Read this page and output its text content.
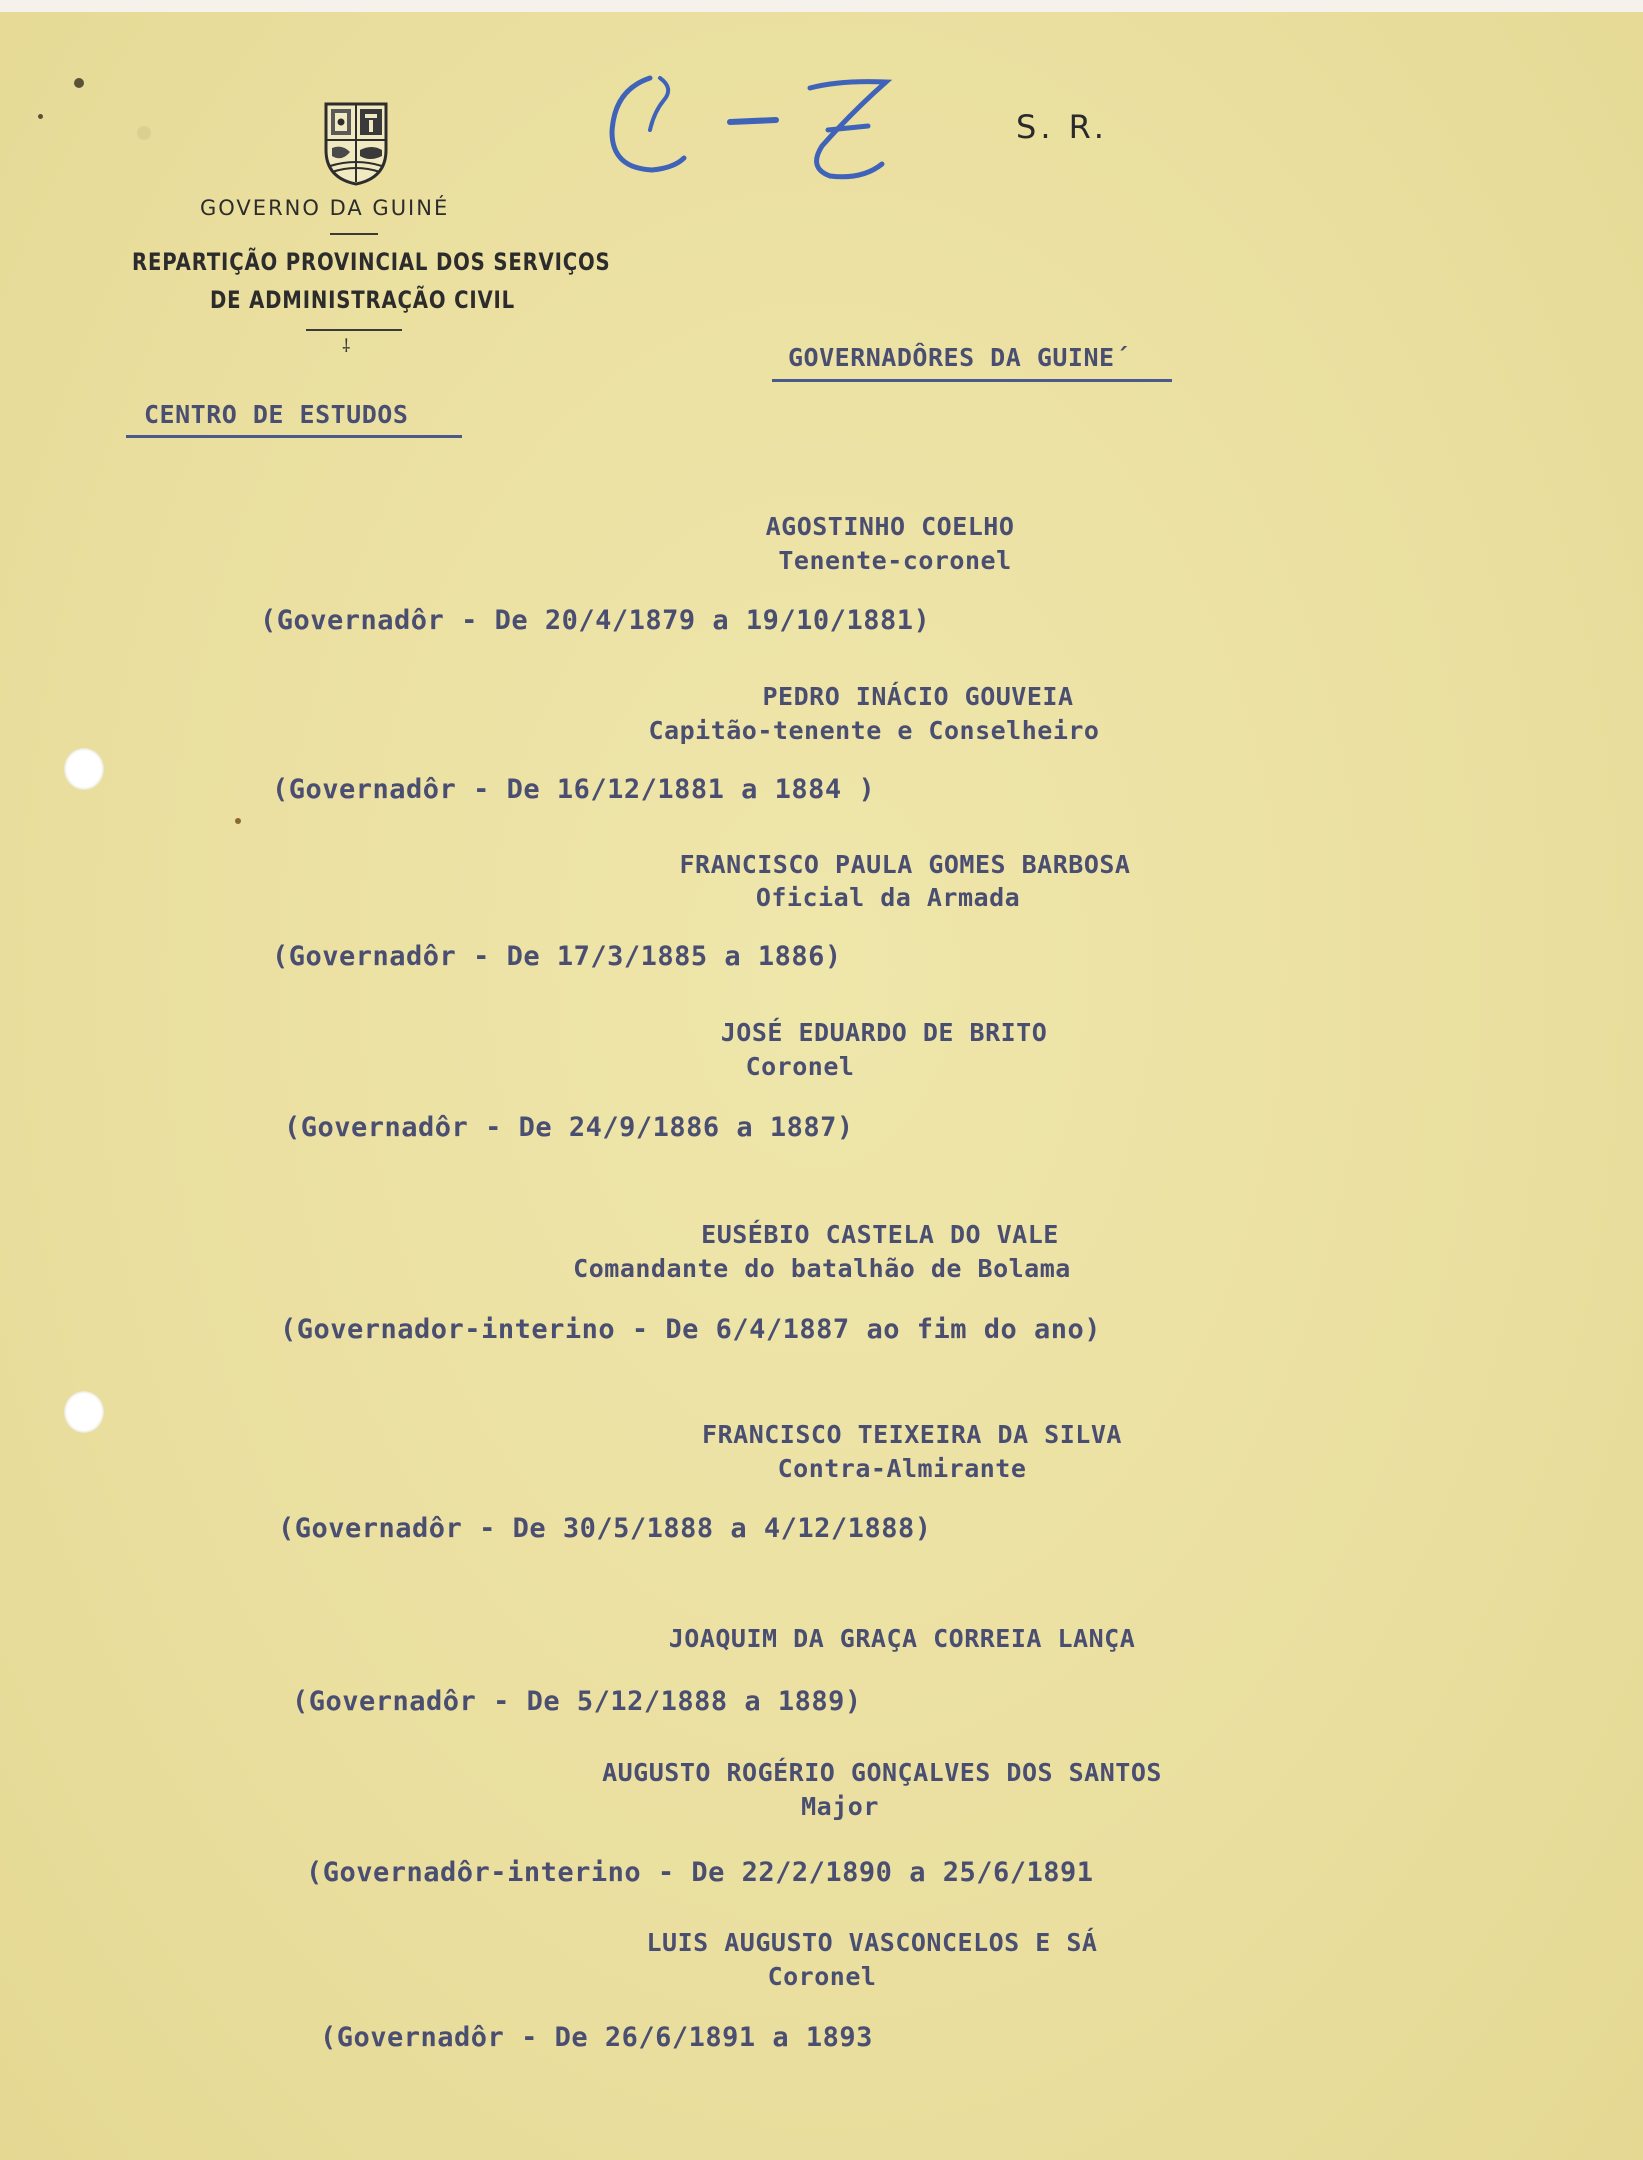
GOVERNO DA GUINÉ
REPARTIÇÃO PROVINCIAL DOS SERVIÇOS
DE ADMINISTRAÇÃO CIVIL
⸸
S. R.
GOVERNADÔRES DA GUINE´
CENTRO DE ESTUDOS
AGOSTINHO COELHO
Tenente-coronel
(Governadôr - De 20/4/1879 a 19/10/1881)
PEDRO INÁCIO GOUVEIA
Capitão-tenente e Conselheiro
(Governadôr - De 16/12/1881 a 1884 )
FRANCISCO PAULA GOMES BARBOSA
Oficial da Armada
(Governadôr - De 17/3/1885 a 1886)
JOSÉ EDUARDO DE BRITO
Coronel
(Governadôr - De 24/9/1886 a 1887)
EUSÉBIO CASTELA DO VALE
Comandante do batalhão de Bolama
(Governador-interino - De 6/4/1887 ao fim do ano)
FRANCISCO TEIXEIRA DA SILVA
Contra-Almirante
(Governadôr - De 30/5/1888 a 4/12/1888)
JOAQUIM DA GRAÇA CORREIA LANÇA
(Governadôr - De 5/12/1888 a 1889)
AUGUSTO ROGÉRIO GONÇALVES DOS SANTOS
Major
(Governadôr-interino - De 22/2/1890 a 25/6/1891
LUIS AUGUSTO VASCONCELOS E SÁ
Coronel
(Governadôr - De 26/6/1891 a 1893
